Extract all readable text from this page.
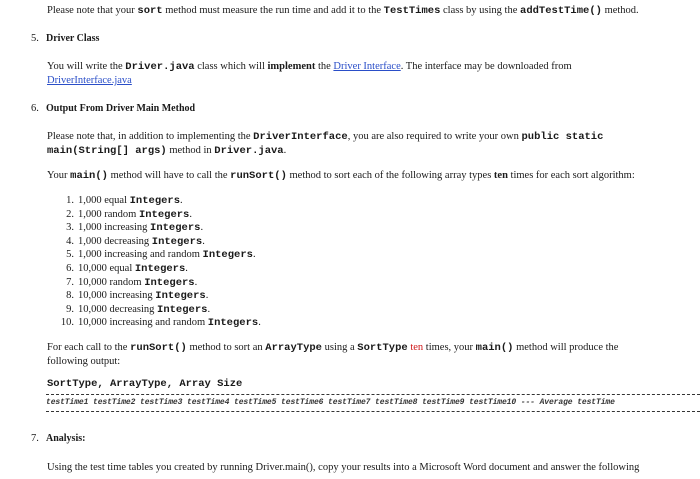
Please note that your sort method must measure the run time and add it to the TestTimes class by using the addTestTime() method.
5. Driver Class
You will write the Driver.java class which will implement the Driver Interface. The interface may be downloaded from
DriverInterface.java
6. Output From Driver Main Method
Please note that, in addition to implementing the DriverInterface, you are also required to write your own public static
main(String[] args) method in Driver.java.
Your main() method will have to call the runSort() method to sort each of the following array types ten times for each sort algorithm:
1. 1,000 equal Integers.
2. 1,000 random Integers.
3. 1,000 increasing Integers.
4. 1,000 decreasing Integers.
5. 1,000 increasing and random Integers.
6. 10,000 equal Integers.
7. 10,000 random Integers.
8. 10,000 increasing Integers.
9. 10,000 decreasing Integers.
10. 10,000 increasing and random Integers.
For each call to the runSort() method to sort an ArrayType using a SortType ten times, your main() method will produce the
following output:
SortType, ArrayType, Array Size
testTime1 testTime2 testTime3 testTime4 testTime5 testTime6 testTime7 testTime8 testTime9 testTime10 --- Average testTime
7. Analysis:
Using the test time tables you created by running Driver.main(), copy your results into a Microsoft Word document and answer the following
